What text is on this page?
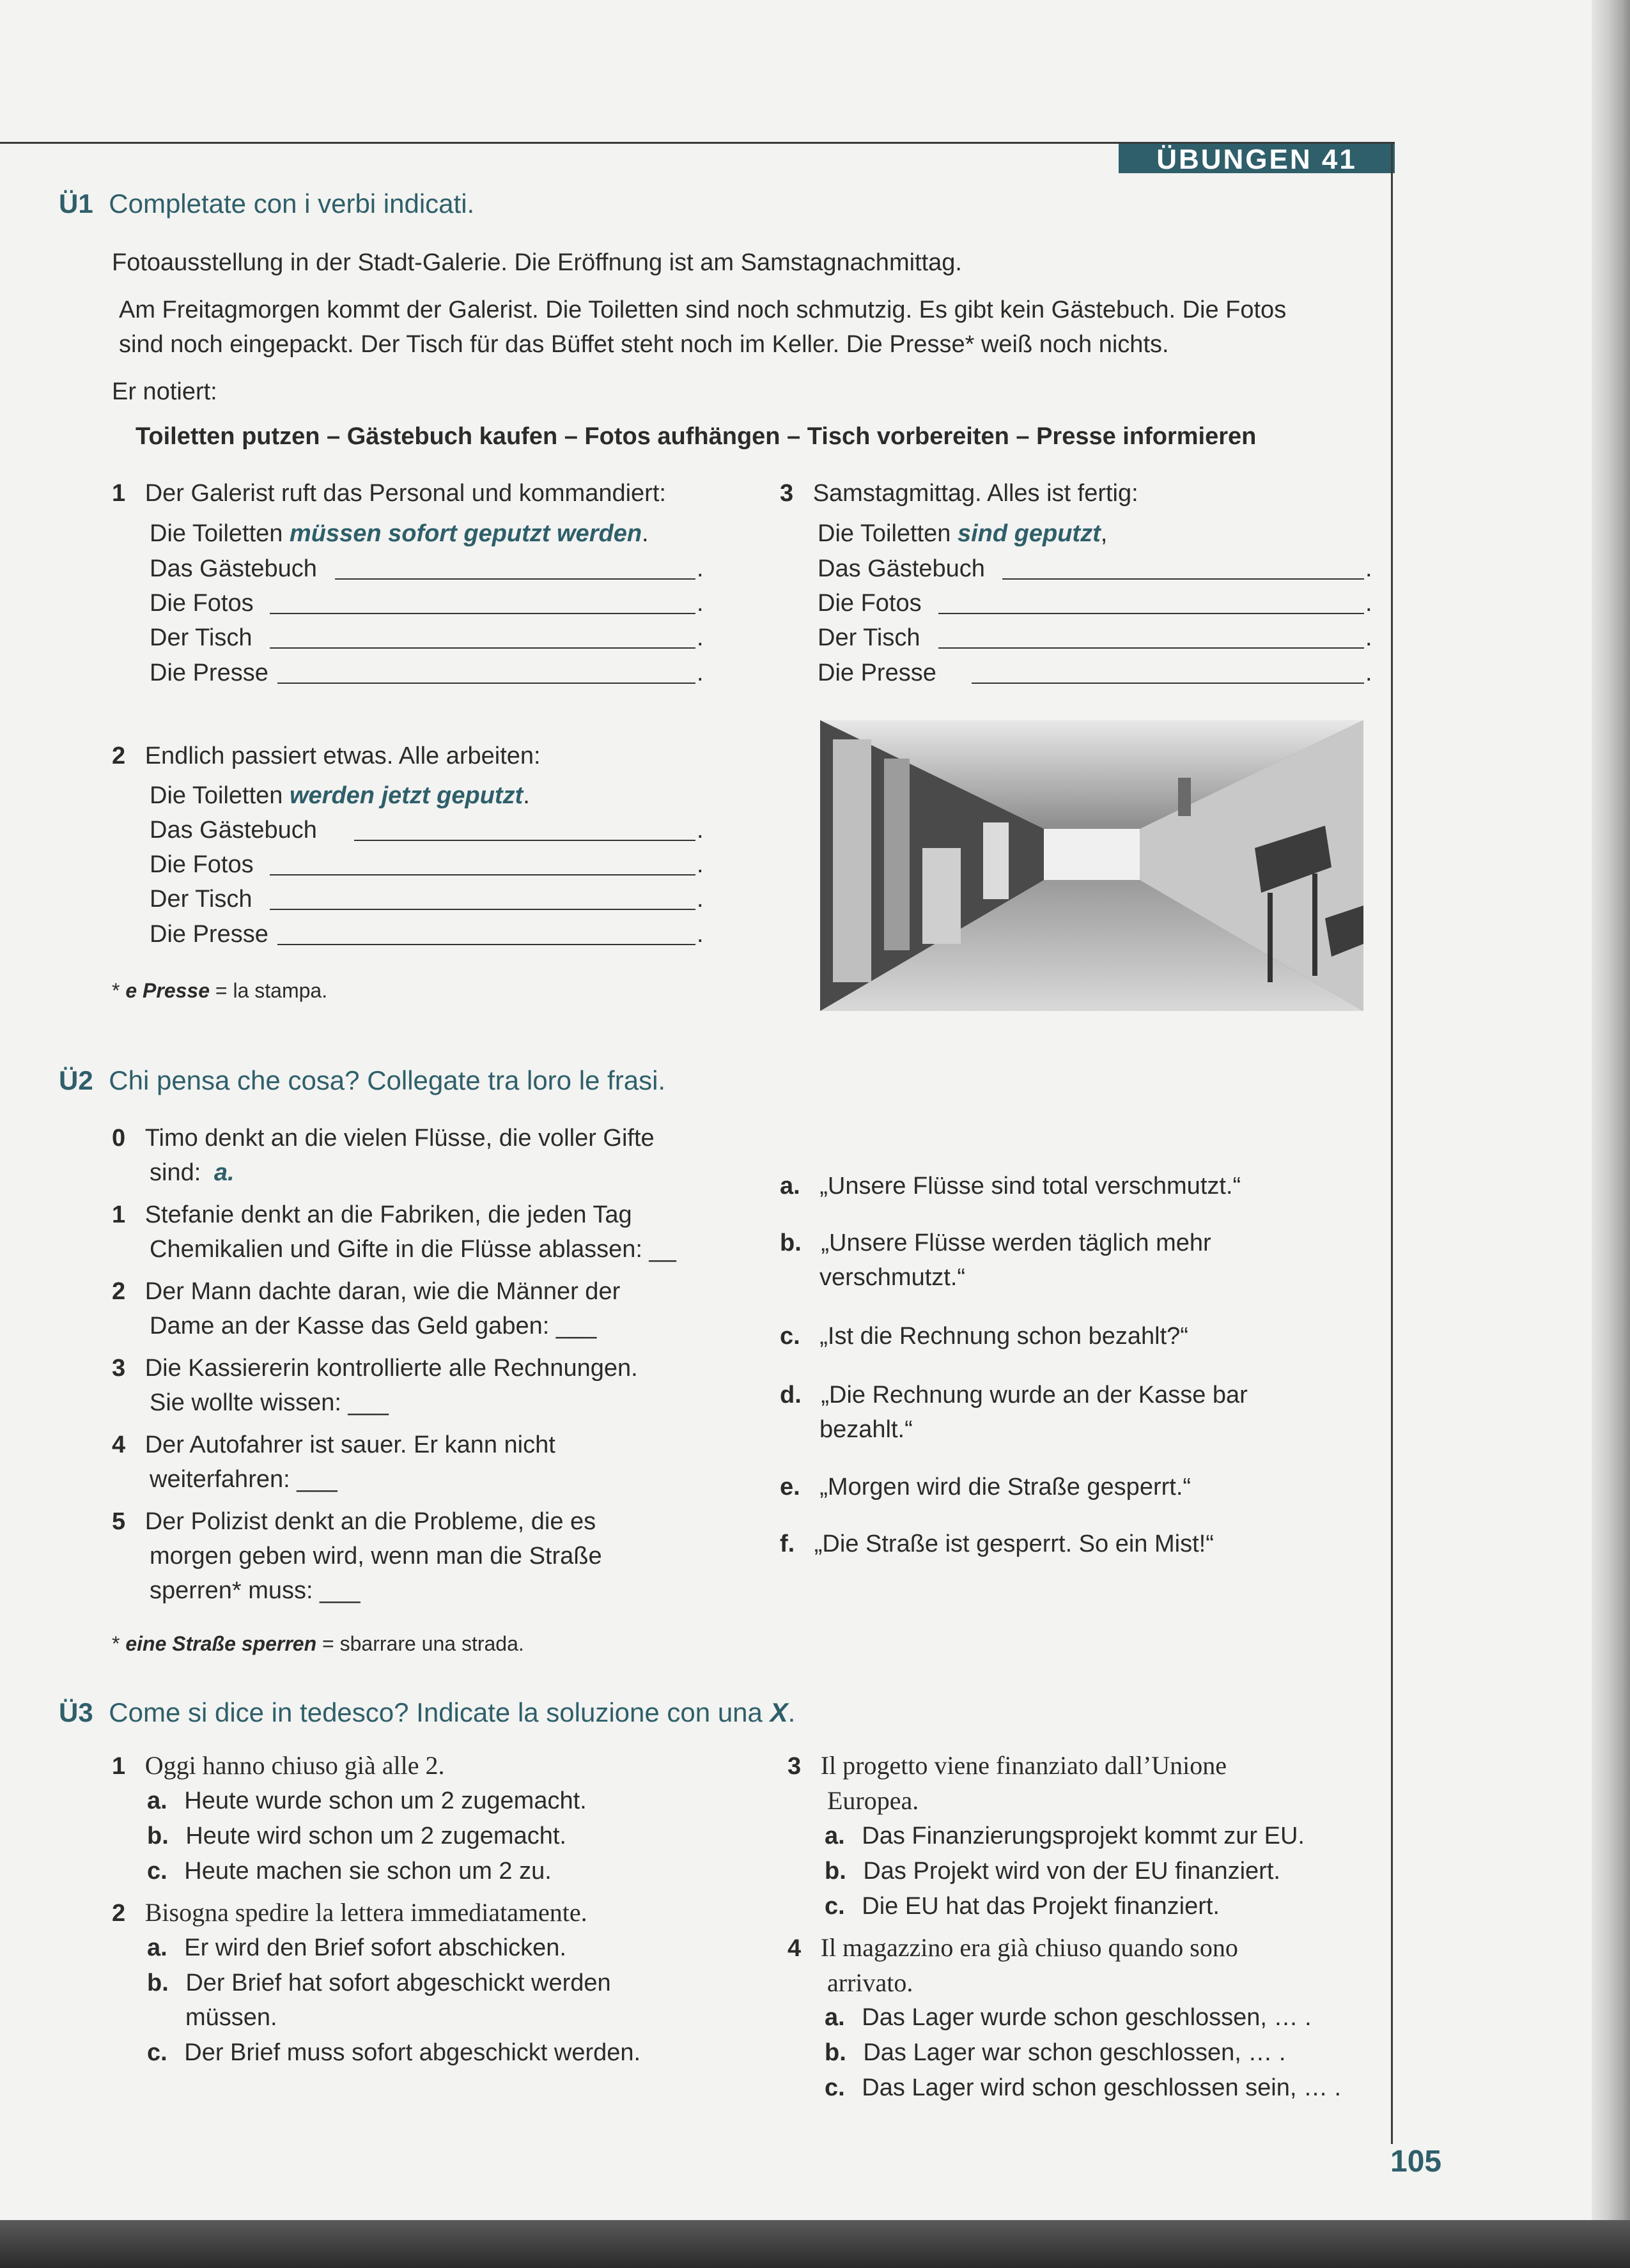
ÜBUNGEN 41
Ü1 Completate con i verbi indicati.
Fotoausstellung in der Stadt-Galerie. Die Eröffnung ist am Samstagnachmittag.
Am Freitagmorgen kommt der Galerist. Die Toiletten sind noch schmutzig. Es gibt kein Gästebuch. Die Fotos
sind noch eingepackt. Der Tisch für das Büffet steht noch im Keller. Die Presse* weiß noch nichts.
Er notiert:
Toiletten putzen – Gästebuch kaufen – Fotos aufhängen – Tisch vorbereiten – Presse informieren
1 Der Galerist ruft das Personal und kommandiert:
Die Toiletten müssen sofort geputzt werden.
Das Gästebuch	.
Die Fotos	.
Der Tisch	.
Die Presse	.
3 Samstagmittag. Alles ist fertig:
Die Toiletten sind geputzt,
Das Gästebuch	.
Die Fotos	.
Der Tisch	.
Die Presse	.
2 Endlich passiert etwas. Alle arbeiten:
Die Toiletten werden jetzt geputzt.
Das Gästebuch	.
Die Fotos	.
Der Tisch	.
Die Presse	.
* e Presse = la stampa.
Ü2 Chi pensa che cosa? Collegate tra loro le frasi.
0 Timo denkt an die vielen Flüsse, die voller Gifte
sind: a.
1 Stefanie denkt an die Fabriken, die jeden Tag
Chemikalien und Gifte in die Flüsse ablassen: __
2 Der Mann dachte daran, wie die Männer der
Dame an der Kasse das Geld gaben: ___
3 Die Kassiererin kontrollierte alle Rechnungen.
Sie wollte wissen: ___
4 Der Autofahrer ist sauer. Er kann nicht
weiterfahren: ___
5 Der Polizist denkt an die Probleme, die es
morgen geben wird, wenn man die Straße
sperren* muss: ___
a. „Unsere Flüsse sind total verschmutzt.“
b. „Unsere Flüsse werden täglich mehr
verschmutzt.“
c. „Ist die Rechnung schon bezahlt?“
d. „Die Rechnung wurde an der Kasse bar
bezahlt.“
e. „Morgen wird die Straße gesperrt.“
f. „Die Straße ist gesperrt. So ein Mist!“
* eine Straße sperren = sbarrare una strada.
Ü3 Come si dice in tedesco? Indicate la soluzione con una X.
1 Oggi hanno chiuso già alle 2.
a. Heute wurde schon um 2 zugemacht.
b. Heute wird schon um 2 zugemacht.
c. Heute machen sie schon um 2 zu.
2 Bisogna spedire la lettera immediatamente.
a. Er wird den Brief sofort abschicken.
b. Der Brief hat sofort abgeschickt werden
müssen.
c. Der Brief muss sofort abgeschickt werden.
3 Il progetto viene finanziato dall’Unione
Europea.
a. Das Finanzierungsprojekt kommt zur EU.
b. Das Projekt wird von der EU finanziert.
c. Die EU hat das Projekt finanziert.
4 Il magazzino era già chiuso quando sono
arrivato.
a. Das Lager wurde schon geschlossen, … .
b. Das Lager war schon geschlossen, … .
c. Das Lager wird schon geschlossen sein, … .
105
